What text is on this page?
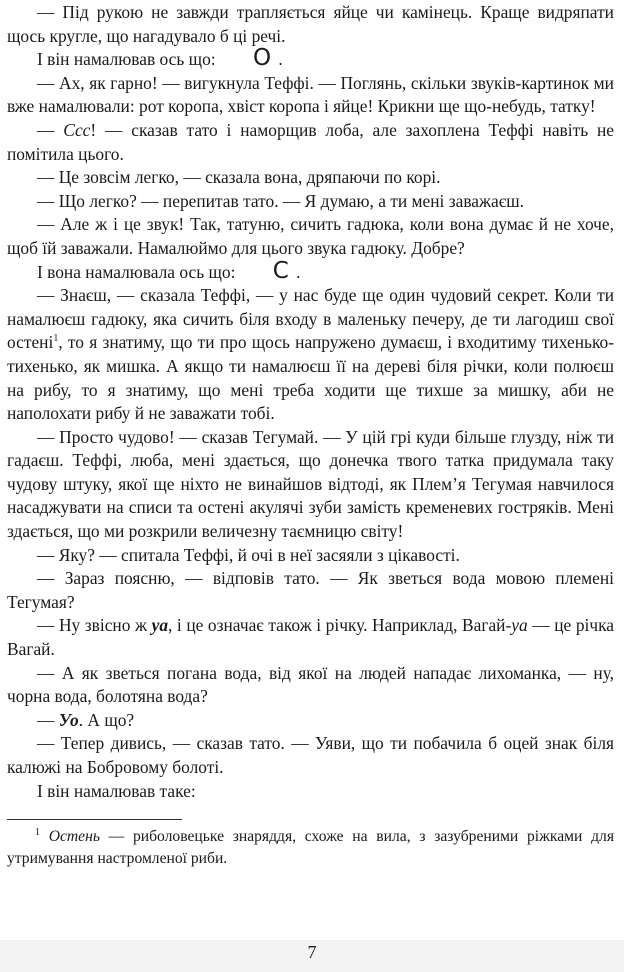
— Під рукою не завжди трапляється яйце чи камінець. Краще видряпати щось кругле, що нагадувало б ці речі.

І він намалював ось що: O .

— Ах, як гарно! — вигукнула Теффі. — Поглянь, скільки звуків-картинок ми вже намалювали: рот коропа, хвіст коропа і яйце! Крикни ще що-небудь, татку!

— Ссс! — сказав тато і наморщив лоба, але захоплена Теффі навіть не помітила цього.

— Це зовсім легко, — сказала вона, дряпаючи по корі.

— Що легко? — перепитав тато. — Я думаю, а ти мені заважаєш.

— Але ж і це звук! Так, татуню, сичить гадюка, коли вона думає й не хоче, щоб їй заважали. Намалюймо для цього звука гадюку. Добре?

І вона намалювала ось що: C .

— Знаєш, — сказала Теффі, — у нас буде ще один чудовий секрет. Коли ти намалюєш гадюку, яка сичить біля входу в маленьку печеру, де ти лагодиш свої остені$^1$, то я знатиму, що ти про щось напружено думаєш, і входитиму тихенько-тихенько, як мишка. А якщо ти намалюєш її на дереві біля річки, коли полюєш на рибу, то я знатиму, що мені треба ходити ще тихше за мишку, аби не наполохати рибу й не заважати тобі.

— Просто чудово! — сказав Тегумай. — У цій грі куди більше глузду, ніж ти гадаєш. Теффі, люба, мені здається, що донечка твого татка придумала таку чудову штуку, якої ще ніхто не винайшов відтоді, як Плем’я Тегумая навчилося насаджувати на списи та остені акулячі зуби замість кременевих гостряків. Мені здається, що ми розкрили величезну таємницю світу!

— Яку? — спитала Теффі, й очі в неї засяяли з цікавості.

— Зараз поясню, — відповів тато. — Як зветься вода мовою племені Тегумая?

— Ну звісно ж уа, і це означає також і річку. Наприклад, Вагай-уа — це річка Вагай.

— А як зветься погана вода, від якої на людей нападає лихоманка, — ну, чорна вода, болотяна вода?

— Уо. А що?

— Тепер дивись, — сказав тато. — Уяви, що ти побачила б оцей знак біля калюжі на Бобровому болоті.

І він намалював таке:

$^1$ Остень — риболовецьке знаряддя, схоже на вила, з зазубреними ріжками для утримування настромленої риби.

7
